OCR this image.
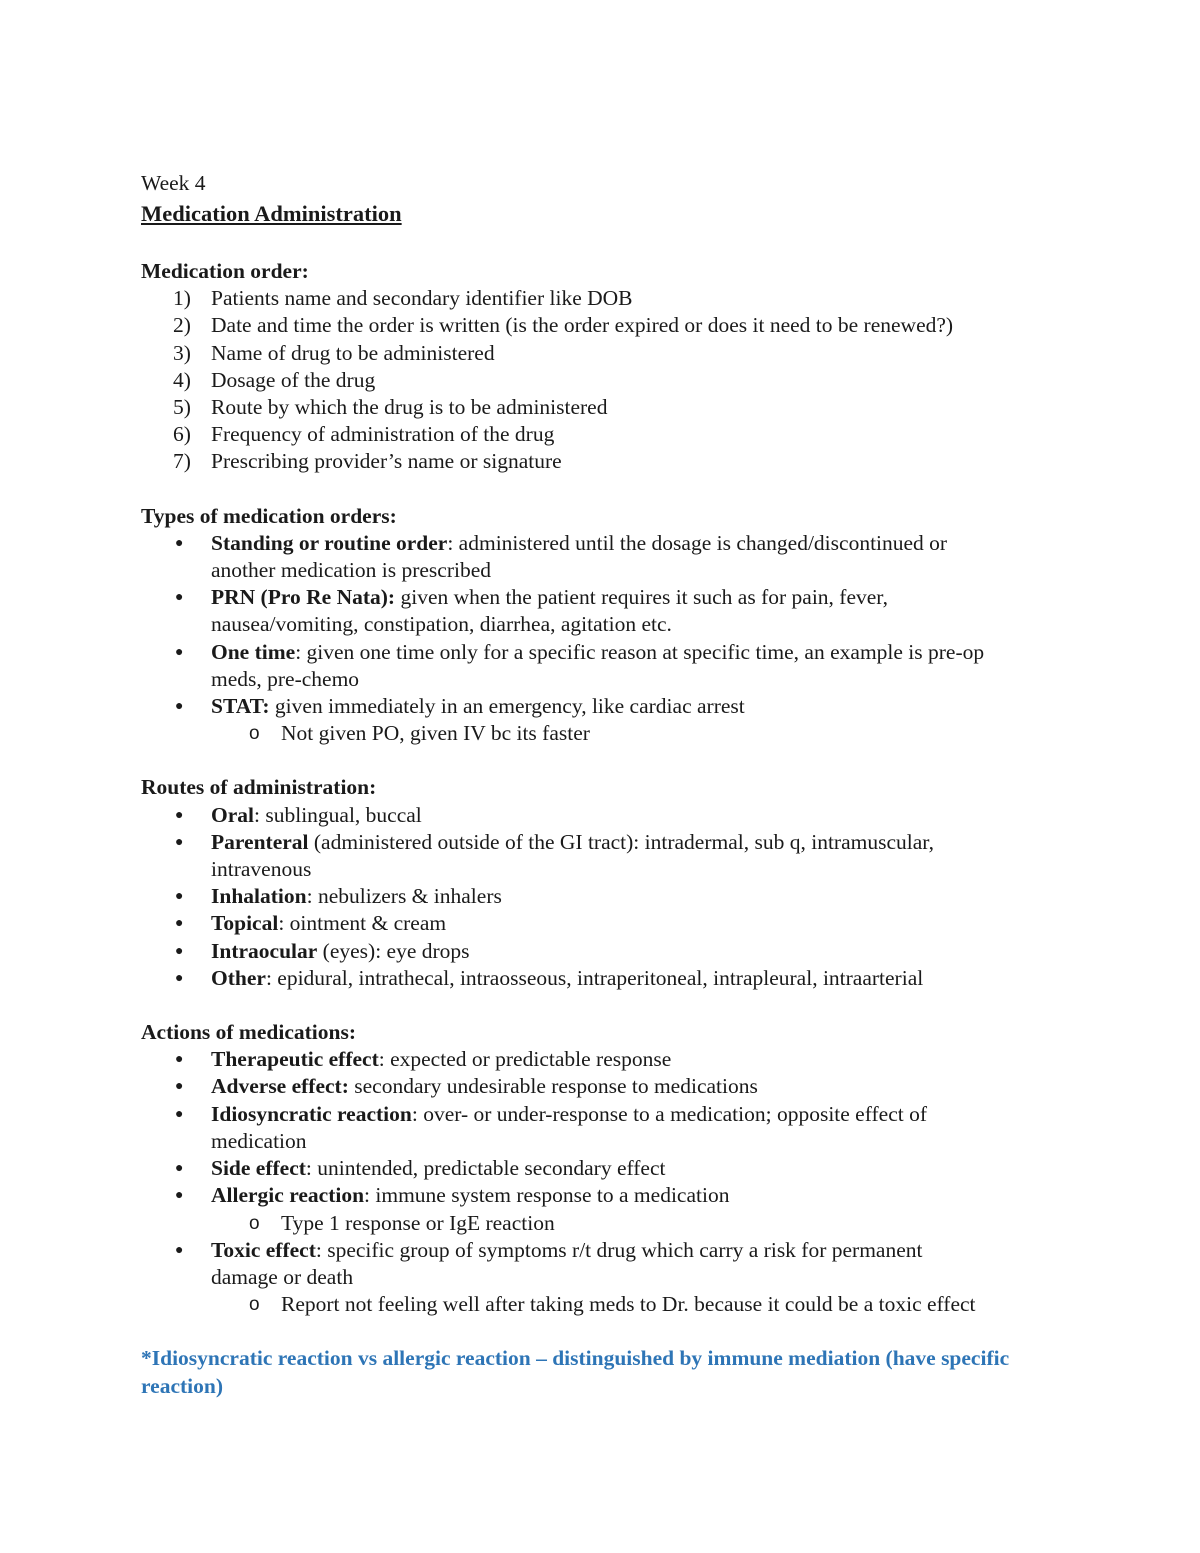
Week 4
Medication Administration
Medication order:
1) Patients name and secondary identifier like DOB
2) Date and time the order is written (is the order expired or does it need to be renewed?)
3) Name of drug to be administered
4) Dosage of the drug
5) Route by which the drug is to be administered
6) Frequency of administration of the drug
7) Prescribing provider’s name or signature
Types of medication orders:
● Standing or routine order: administered until the dosage is changed/discontinued or
another medication is prescribed
● PRN (Pro Re Nata): given when the patient requires it such as for pain, fever,
nausea/vomiting, constipation, diarrhea, agitation etc.
● One time: given one time only for a specific reason at specific time, an example is pre-op
meds, pre-chemo
● STAT: given immediately in an emergency, like cardiac arrest
o Not given PO, given IV bc its faster
Routes of administration:
● Oral: sublingual, buccal
● Parenteral (administered outside of the GI tract): intradermal, sub q, intramuscular,
intravenous
● Inhalation: nebulizers & inhalers
● Topical: ointment & cream
● Intraocular (eyes): eye drops
● Other: epidural, intrathecal, intraosseous, intraperitoneal, intrapleural, intraarterial
Actions of medications:
● Therapeutic effect: expected or predictable response
● Adverse effect: secondary undesirable response to medications
● Idiosyncratic reaction: over- or under-response to a medication; opposite effect of
medication
● Side effect: unintended, predictable secondary effect
● Allergic reaction: immune system response to a medication
o Type 1 response or IgE reaction
● Toxic effect: specific group of symptoms r/t drug which carry a risk for permanent
damage or death
o Report not feeling well after taking meds to Dr. because it could be a toxic effect
*Idiosyncratic reaction vs allergic reaction – distinguished by immune mediation (have specific reaction)
